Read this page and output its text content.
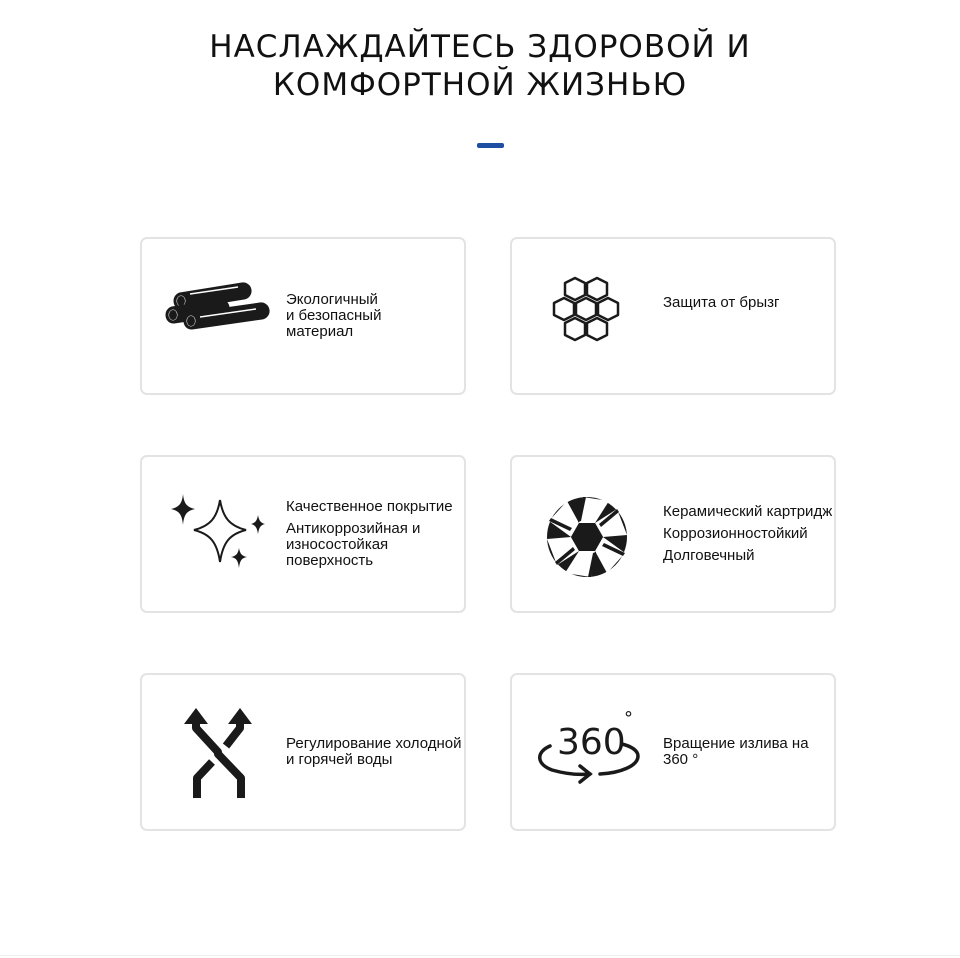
НАСЛАЖДАЙТЕСЬ ЗДОРОВОЙ И
КОМФОРТНОЙ ЖИЗНЬЮ
Экологичный
и безопасный
материал
Защита от брызг
Качественное покрытие
Антикоррозийная и износостойкая поверхность
Керамический картридж
Коррозионностойкий
Долговечный
Регулирование холодной и горячей воды	360
°
Вращение излива на 360 °
